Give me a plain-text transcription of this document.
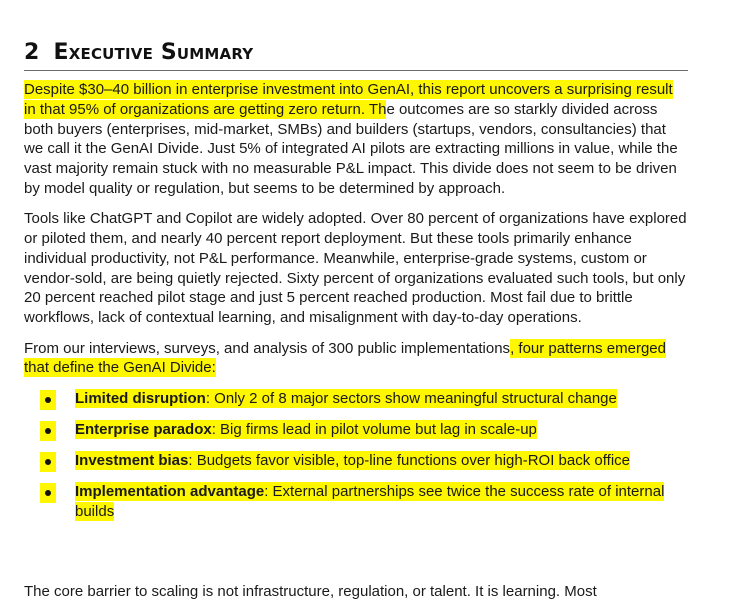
2 Executive Summary

Despite $30–40 billion in enterprise investment into GenAI, this report uncovers a surprising result in that 95% of organizations are getting zero return. The outcomes are so starkly divided across both buyers (enterprises, mid-market, SMBs) and builders (startups, vendors, consultancies) that we call it the GenAI Divide. Just 5% of integrated AI pilots are extracting millions in value, while the vast majority remain stuck with no measurable P&L impact. This divide does not seem to be driven by model quality or regulation, but seems to be determined by approach.

Tools like ChatGPT and Copilot are widely adopted. Over 80 percent of organizations have explored or piloted them, and nearly 40 percent report deployment. But these tools primarily enhance individual productivity, not P&L performance. Meanwhile, enterprise-grade systems, custom or vendor-sold, are being quietly rejected. Sixty percent of organizations evaluated such tools, but only 20 percent reached pilot stage and just 5 percent reached production. Most fail due to brittle workflows, lack of contextual learning, and misalignment with day-to-day operations.

From our interviews, surveys, and analysis of 300 public implementations, four patterns emerged that define the GenAI Divide:

Limited disruption: Only 2 of 8 major sectors show meaningful structural change
Enterprise paradox: Big firms lead in pilot volume but lag in scale-up
Investment bias: Budgets favor visible, top-line functions over high-ROI back office
Implementation advantage: External partnerships see twice the success rate of internal builds

The core barrier to scaling is not infrastructure, regulation, or talent. It is learning. Most
